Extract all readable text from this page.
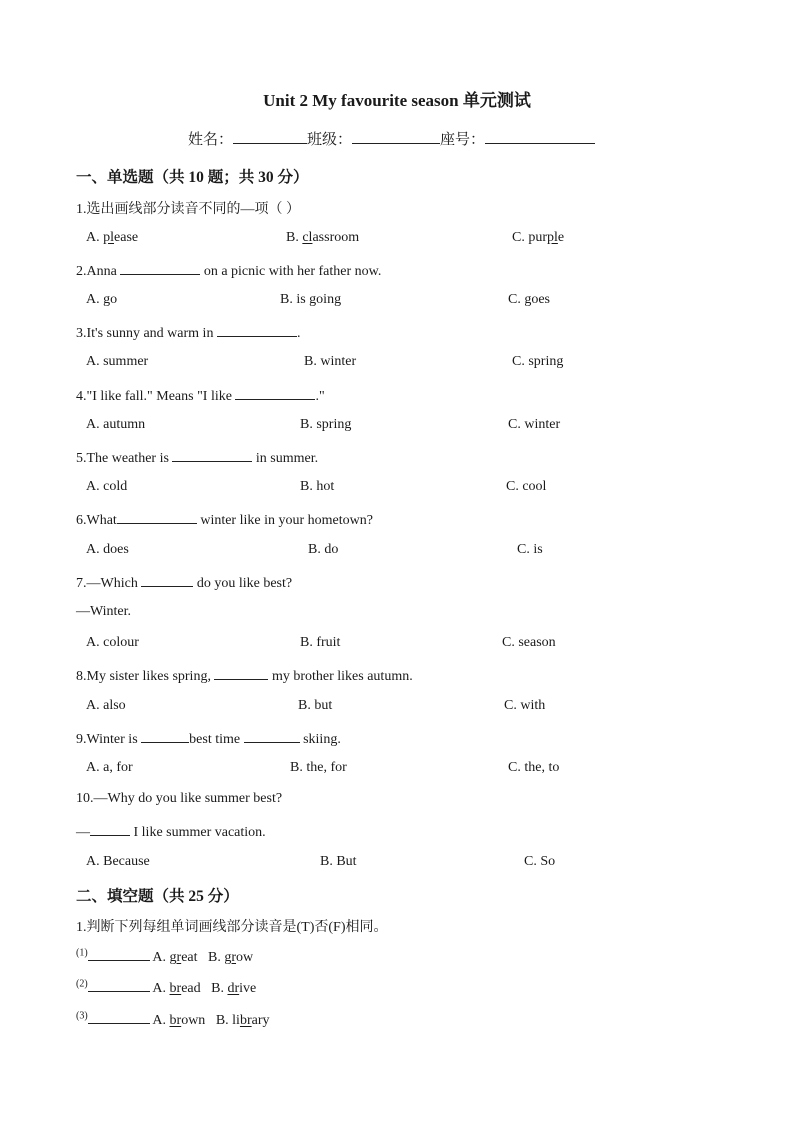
Unit 2 My favourite season 单元测试
姓名：	班级：	座号：
一、单选题（共 10 题；共 30 分）
1.选出画线部分读音不同的—项（ ）
A. please	B. classroom	C. purple
2.Anna	on a picnic with her father now.
A. go	B. is going	C. goes
3.It's sunny and warm in	.
A. summer	B. winter	C. spring
4."I like fall." Means "I like	."
A. autumn	B. spring	C. winter
5.The weather is	in summer.
A. cold	B. hot	C. cool
6.What	winter like in your hometown?
A. does	B. do	C. is
7.—Which	do you like best?
—Winter.
A. colour	B. fruit	C. season
8.My sister likes spring,	my brother likes autumn.
A. also	B. but	C. with
9.Winter is	best time	skiing.
A. a, for	B. the, for	C. the, to
10.—Why do you like summer best?
—	I like summer vacation.
A. Because	B. But	C. So
二、填空题（共 25 分）
1.判断下列每组单词画线部分读音是(T)否(F)相同。
$^{(1)}$	A. great B. grow
$^{(2)}$	A. bread B. drive
$^{(3)}$	A. brown B. library
